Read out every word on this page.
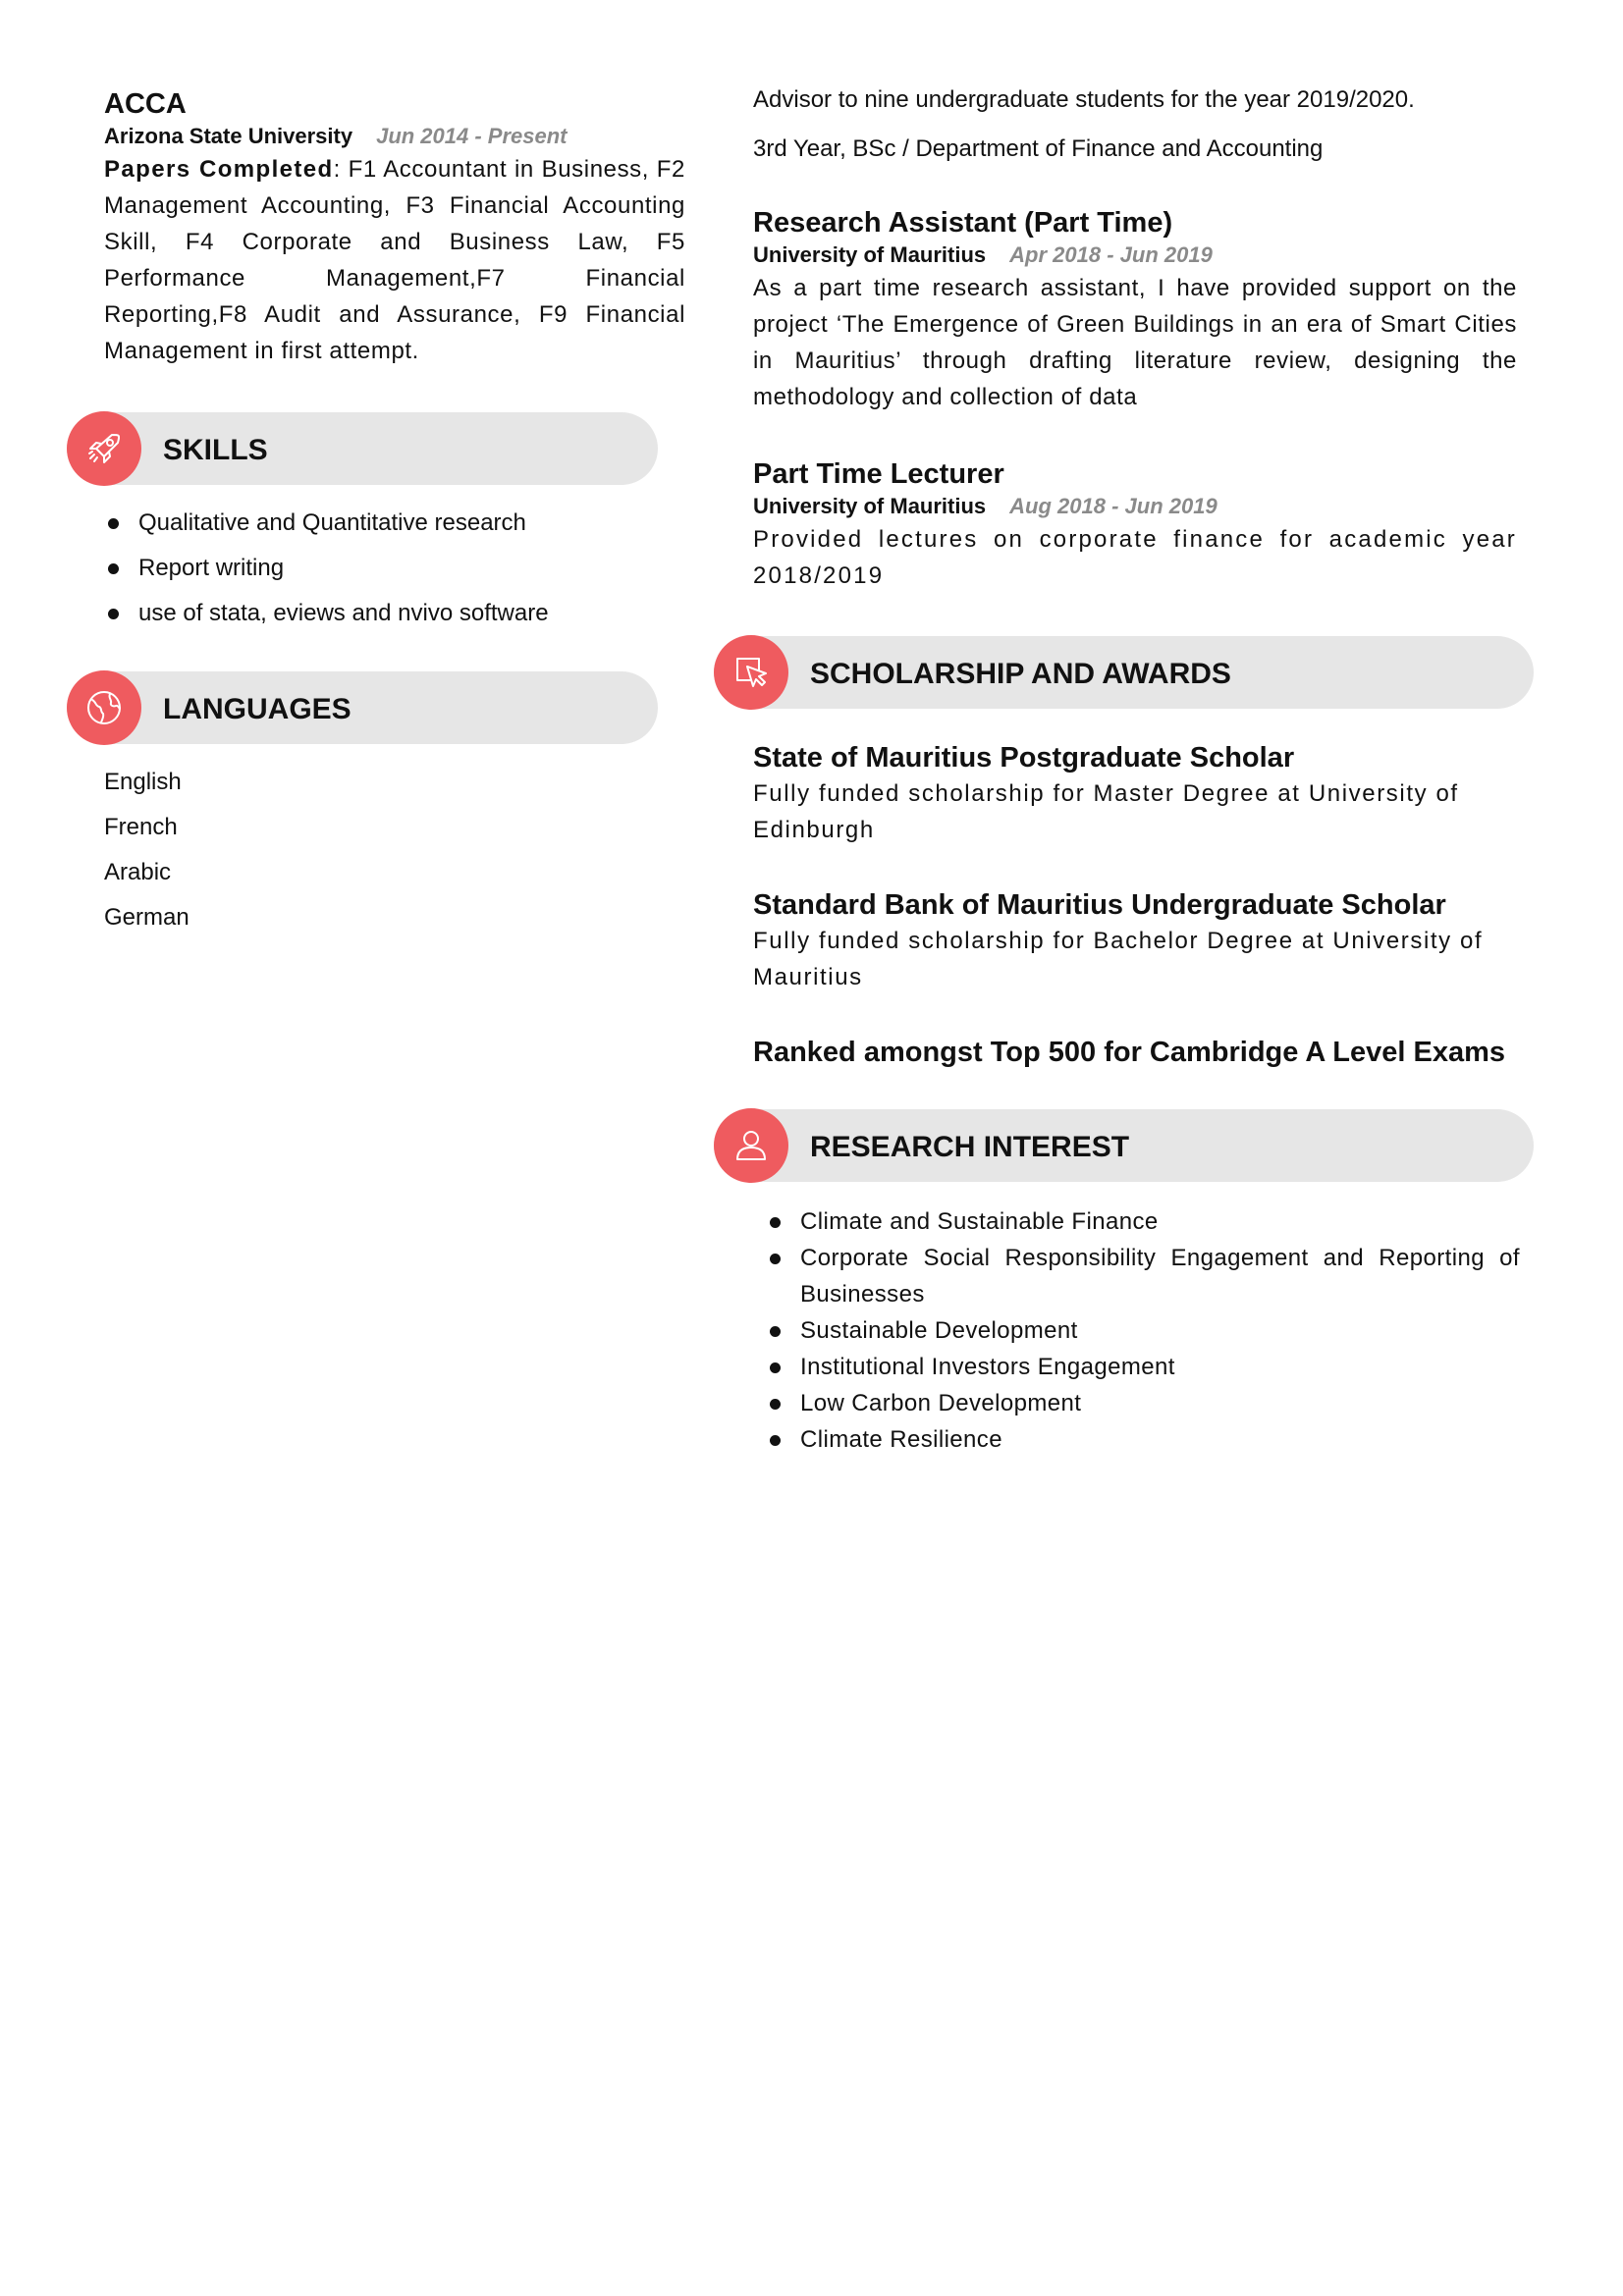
ACCA

Arizona State University Jun 2014 - Present

Papers Completed: F1 Accountant in Business, F2 Management Accounting, F3 Financial Accounting Skill, F4 Corporate and Business Law, F5 Performance Management,F7 Financial Reporting,F8 Audit and Assurance, F9 Financial Management in first attempt.

SKILLS
Qualitative and Quantitative research
Report writing
use of stata, eviews and nvivo software
LANGUAGES
English
French
Arabic
German

Advisor to nine undergraduate students for the year 2019/2020.

3rd Year, BSc / Department of Finance and Accounting

Research Assistant (Part Time)

University of Mauritius Apr 2018 - Jun 2019

As a part time research assistant, I have provided support on the project ‘The Emergence of Green Buildings in an era of Smart Cities in Mauritius’ through drafting literature review, designing the methodology and collection of data

Part Time Lecturer

University of Mauritius Aug 2018 - Jun 2019

Provided lectures on corporate finance for academic year 2018/2019

SCHOLARSHIP AND AWARDS
State of Mauritius Postgraduate Scholar

Fully funded scholarship for Master Degree at University of Edinburgh

Standard Bank of Mauritius Undergraduate Scholar

Fully funded scholarship for Bachelor Degree at University of Mauritius

Ranked amongst Top 500 for Cambridge A Level Exams
RESEARCH INTEREST
Climate and Sustainable Finance
Corporate Social Responsibility Engagement and Reporting of Businesses
Sustainable Development
Institutional Investors Engagement
Low Carbon Development
Climate Resilience
